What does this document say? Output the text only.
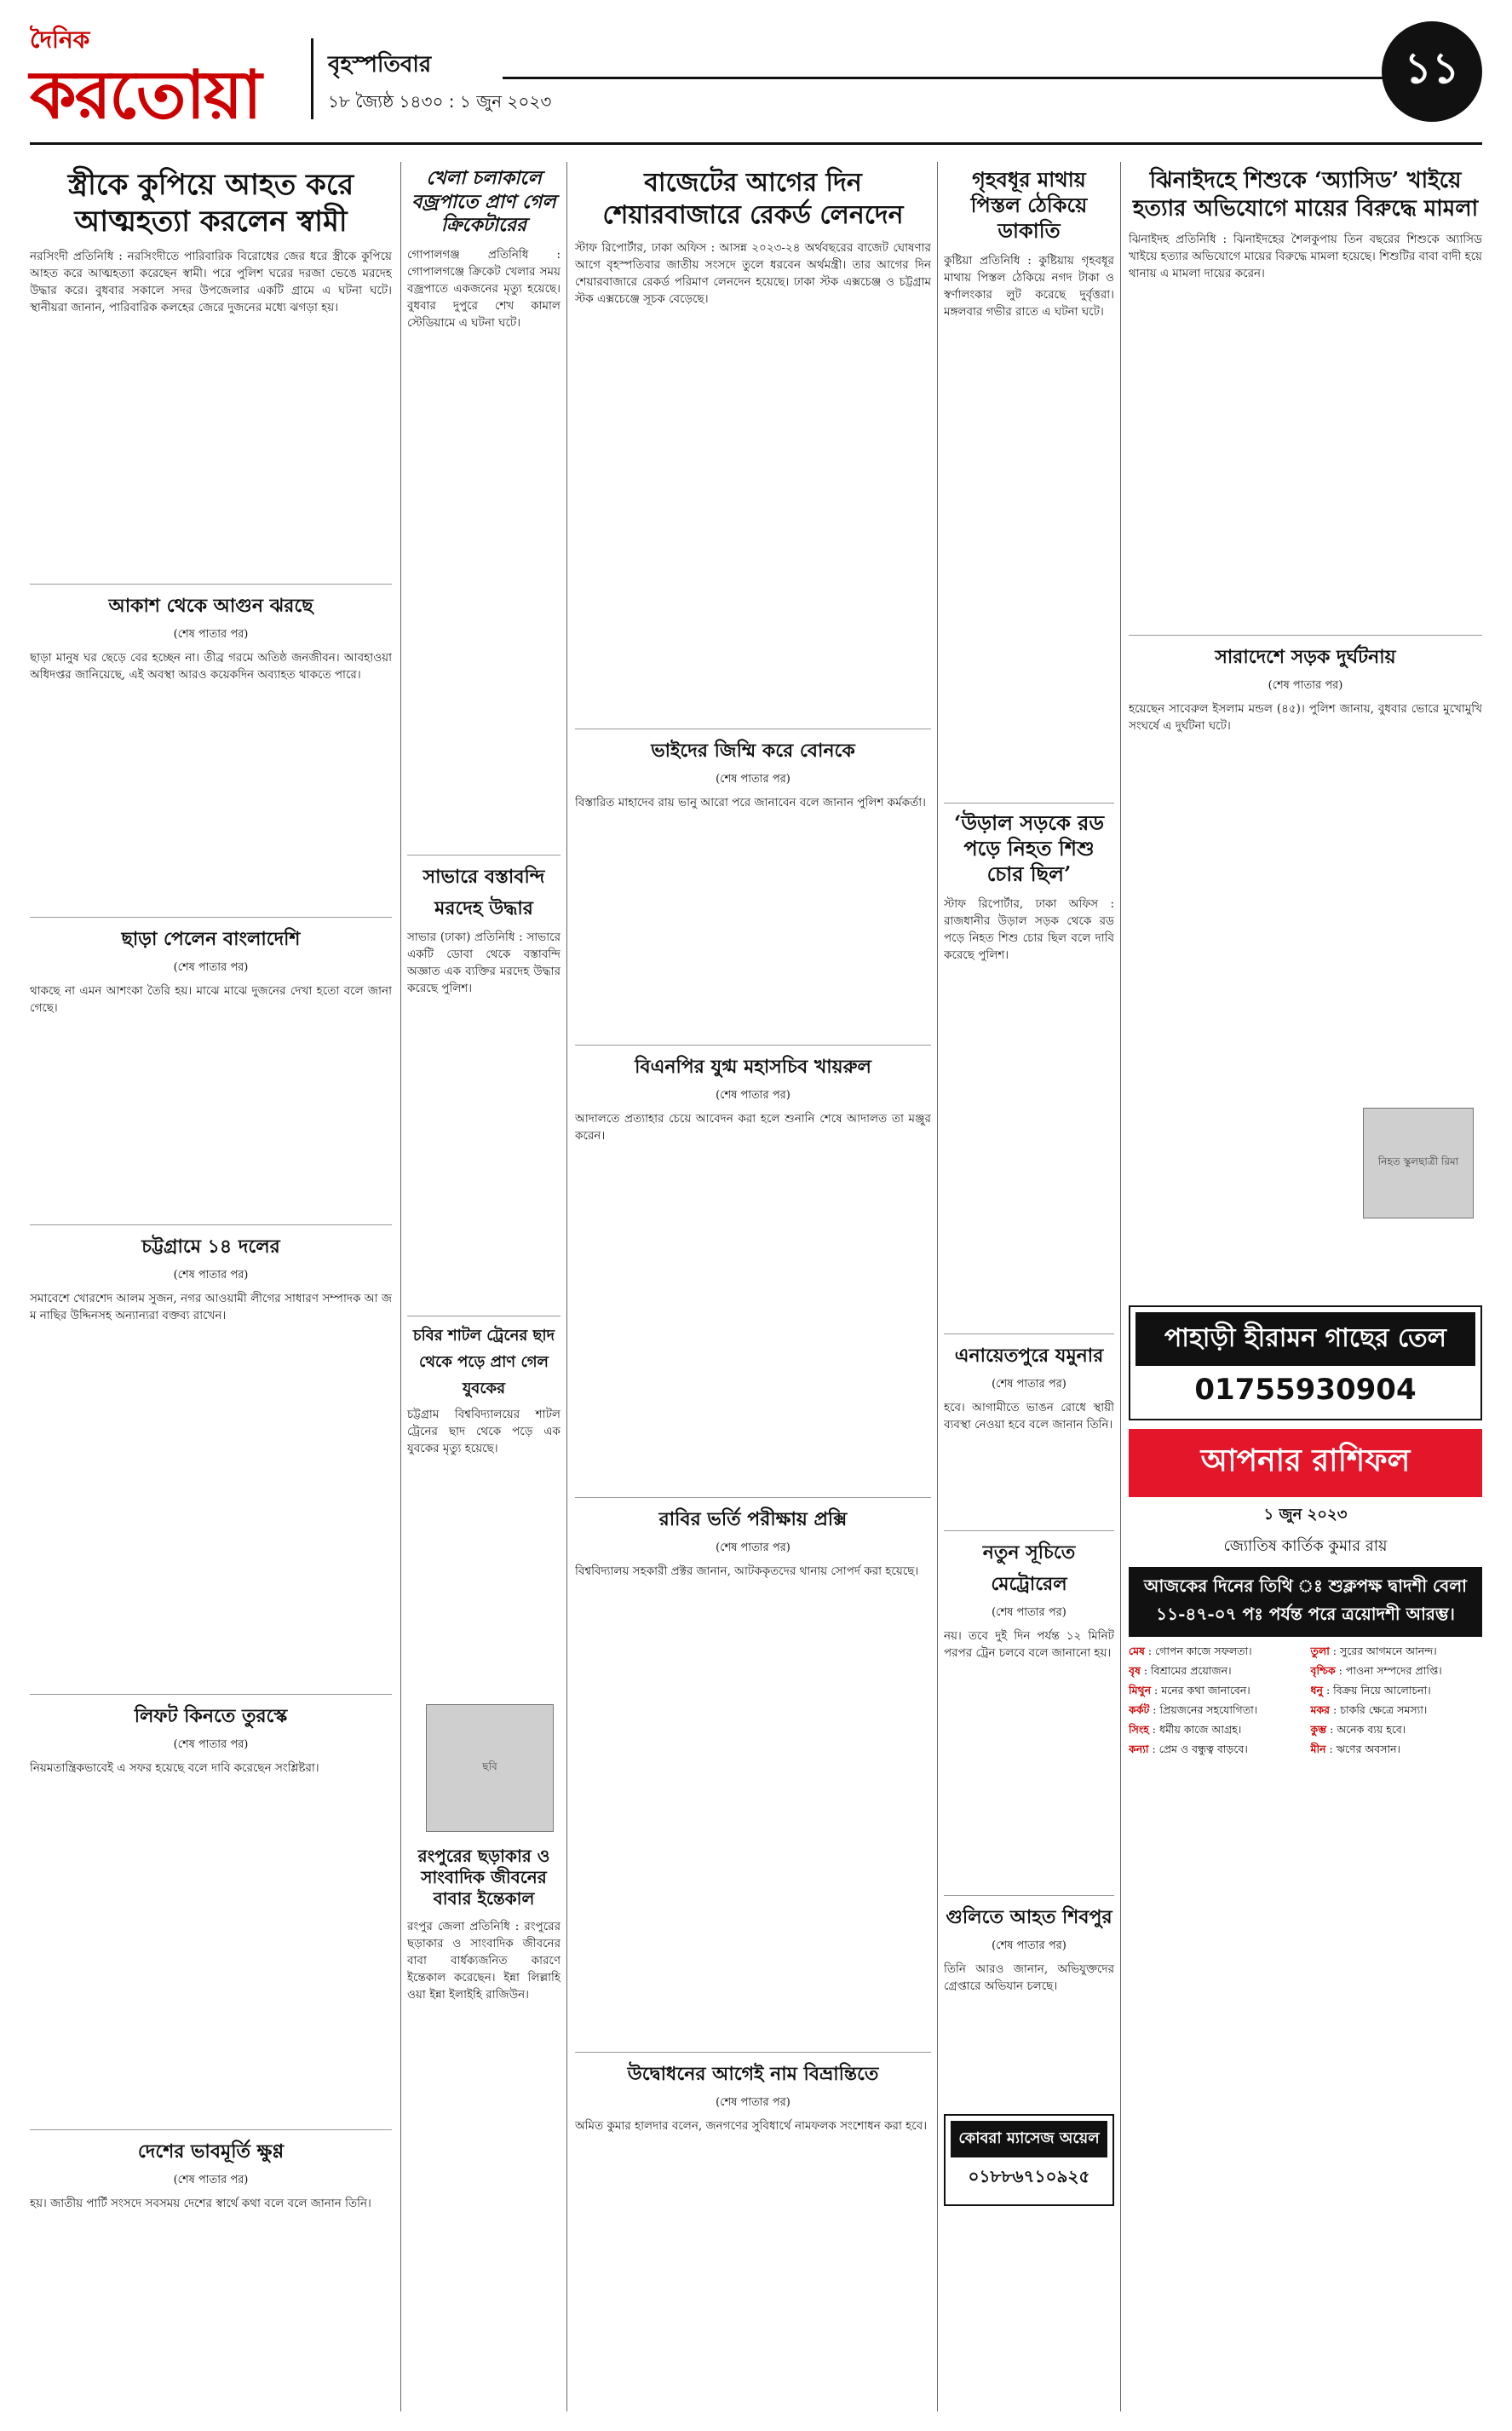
দৈনিক
করতোয়া	বৃহস্পতিবার
১৮ জ্যৈষ্ঠ ১৪৩০ : ১ জুন ২০২৩
১১
স্ত্রীকে কুপিয়ে আহত করে আত্মহত্যা করলেন স্বামী
নরসিংদী প্রতিনিধি : নরসিংদীতে পারিবারিক বিরোধের জের ধরে স্ত্রীকে কুপিয়ে আহত করে আত্মহত্যা করেছেন স্বামী। পরে পুলিশ ঘরের দরজা ভেঙে মরদেহ উদ্ধার করে। বুধবার সকালে সদর উপজেলার একটি গ্রামে এ ঘটনা ঘটে। স্থানীয়রা জানান, পারিবারিক কলহের জেরে দুজনের মধ্যে ঝগড়া হয়।
আকাশ থেকে আগুন ঝরছে
(শেষ পাতার পর)
ছাড়া মানুষ ঘর ছেড়ে বের হচ্ছেন না। তীব্র গরমে অতিষ্ঠ জনজীবন। আবহাওয়া অধিদপ্তর জানিয়েছে, এই অবস্থা আরও কয়েকদিন অব্যাহত থাকতে পারে।
ছাড়া পেলেন বাংলাদেশি
(শেষ পাতার পর)
থাকছে না এমন আশংকা তৈরি হয়। মাঝে মাঝে দুজনের দেখা হতো বলে জানা গেছে।
চট্টগ্রামে ১৪ দলের
(শেষ পাতার পর)
সমাবেশে খোরশেদ আলম সুজন, নগর আওয়ামী লীগের সাধারণ সম্পাদক আ জ ম নাছির উদ্দিনসহ অন্যান্যরা বক্তব্য রাখেন।
লিফট কিনতে তুরস্কে
(শেষ পাতার পর)
নিয়মতান্ত্রিকভাবেই এ সফর হয়েছে বলে দাবি করেছেন সংশ্লিষ্টরা।
দেশের ভাবমূর্তি ক্ষুণ্ণ
(শেষ পাতার পর)
হয়। জাতীয় পার্টি সংসদে সবসময় দেশের স্বার্থে কথা বলে বলে জানান তিনি।
খেলা চলাকালে বজ্রপাতে প্রাণ গেল ক্রিকেটারের
গোপালগঞ্জ প্রতিনিধি : গোপালগঞ্জে ক্রিকেট খেলার সময় বজ্রপাতে একজনের মৃত্যু হয়েছে। বুধবার দুপুরে শেখ কামাল স্টেডিয়ামে এ ঘটনা ঘটে।
সাভারে বস্তাবন্দি মরদেহ উদ্ধার
সাভার (ঢাকা) প্রতিনিধি : সাভারে একটি ডোবা থেকে বস্তাবন্দি অজ্ঞাত এক ব্যক্তির মরদেহ উদ্ধার করেছে পুলিশ।
চবির শাটল ট্রেনের ছাদ থেকে পড়ে প্রাণ গেল যুবকের
চট্টগ্রাম বিশ্ববিদ্যালয়ের শাটল ট্রেনের ছাদ থেকে পড়ে এক যুবকের মৃত্যু হয়েছে।
ছবি
রংপুরের ছড়াকার ও সাংবাদিক জীবনের বাবার ইন্তেকাল
রংপুর জেলা প্রতিনিধি : রংপুরের ছড়াকার ও সাংবাদিক জীবনের বাবা বার্ধক্যজনিত কারণে ইন্তেকাল করেছেন। ইন্না লিল্লাহি ওয়া ইন্না ইলাইহি রাজিউন।
বাজেটের আগের দিন শেয়ারবাজারে রেকর্ড লেনদেন
স্টাফ রিপোর্টার, ঢাকা অফিস : আসন্ন ২০২৩-২৪ অর্থবছরের বাজেট ঘোষণার আগে বৃহস্পতিবার জাতীয় সংসদে তুলে ধরবেন অর্থমন্ত্রী। তার আগের দিন শেয়ারবাজারে রেকর্ড পরিমাণ লেনদেন হয়েছে। ঢাকা স্টক এক্সচেঞ্জ ও চট্টগ্রাম স্টক এক্সচেঞ্জে সূচক বেড়েছে।
ভাইদের জিম্মি করে বোনকে
(শেষ পাতার পর)
বিস্তারিত মাহাদেব রায় ভানু আরো পরে জানাবেন বলে জানান পুলিশ কর্মকর্তা।
বিএনপির যুগ্ম মহাসচিব খায়রুল
(শেষ পাতার পর)
আদালতে প্রত্যাহার চেয়ে আবেদন করা হলে শুনানি শেষে আদালত তা মঞ্জুর করেন।
রাবির ভর্তি পরীক্ষায় প্রক্সি
(শেষ পাতার পর)
বিশ্ববিদ্যালয় সহকারী প্রক্টর জানান, আটককৃতদের থানায় সোপর্দ করা হয়েছে।
উদ্বোধনের আগেই নাম বিভ্রান্তিতে
(শেষ পাতার পর)
অমিত কুমার হালদার বলেন, জনগণের সুবিধার্থে নামফলক সংশোধন করা হবে।
গৃহবধূর মাথায় পিস্তল ঠেকিয়ে ডাকাতি
কুষ্টিয়া প্রতিনিধি : কুষ্টিয়ায় গৃহবধূর মাথায় পিস্তল ঠেকিয়ে নগদ টাকা ও স্বর্ণালংকার লুট করেছে দুর্বৃত্তরা। মঙ্গলবার গভীর রাতে এ ঘটনা ঘটে।
‘উড়াল সড়কে রড পড়ে নিহত শিশু চোর ছিল’
স্টাফ রিপোর্টার, ঢাকা অফিস : রাজধানীর উড়াল সড়ক থেকে রড পড়ে নিহত শিশু চোর ছিল বলে দাবি করেছে পুলিশ।
এনায়েতপুরে যমুনার
(শেষ পাতার পর)
হবে। আগামীতে ভাঙন রোধে স্থায়ী ব্যবস্থা নেওয়া হবে বলে জানান তিনি।
নতুন সূচিতে মেট্রোরেল
(শেষ পাতার পর)
নয়। তবে দুই দিন পর্যন্ত ১২ মিনিট পরপর ট্রেন চলবে বলে জানানো হয়।
গুলিতে আহত শিবপুর
(শেষ পাতার পর)
তিনি আরও জানান, অভিযুক্তদের গ্রেপ্তারে অভিযান চলছে।
কোবরা ম্যাসেজ অয়েল
০১৮৮৬৭১০৯২৫
ঝিনাইদহে শিশুকে ‘অ্যাসিড’ খাইয়ে হত্যার অভিযোগে মায়ের বিরুদ্ধে মামলা
ঝিনাইদহ প্রতিনিধি : ঝিনাইদহের শৈলকুপায় তিন বছরের শিশুকে অ্যাসিড খাইয়ে হত্যার অভিযোগে মায়ের বিরুদ্ধে মামলা হয়েছে। শিশুটির বাবা বাদী হয়ে থানায় এ মামলা দায়ের করেন।
সারাদেশে সড়ক দুর্ঘটনায়
(শেষ পাতার পর)
হয়েছেন সাবেরুল ইসলাম মন্ডল (৪৫)। পুলিশ জানায়, বুধবার ভোরে মুখোমুখি সংঘর্ষে এ দুর্ঘটনা ঘটে।
পাহাড়ী হীরামন গাছের তেল
01755930904
আপনার রাশিফল
১ জুন ২০২৩
জ্যোতিষ কার্তিক কুমার রায়
আজকের দিনের তিথি ঃ শুক্লপক্ষ দ্বাদশী বেলা ১১-৪৭-০৭ পঃ পর্যন্ত পরে ত্রয়োদশী আরম্ভ।
মেষ : গোপন কাজে সফলতা।	তুলা : সুরের আগমনে আনন্দ।
বৃষ : বিশ্রামের প্রয়োজন।	বৃশ্চিক : পাওনা সম্পদের প্রাপ্তি।
মিথুন : মনের কথা জানাবেন।	ধনু : বিক্রয় নিয়ে আলোচনা।
কর্কট : প্রিয়জনের সহযোগিতা।	মকর : চাকরি ক্ষেত্রে সমস্যা।
সিংহ : ধর্মীয় কাজে আগ্রহ।	কুম্ভ : অনেক ব্যয় হবে।
কন্যা : প্রেম ও বন্ধুত্ব বাড়বে।	মীন : ঋণের অবসান।
নিহত স্কুলছাত্রী রিমা
